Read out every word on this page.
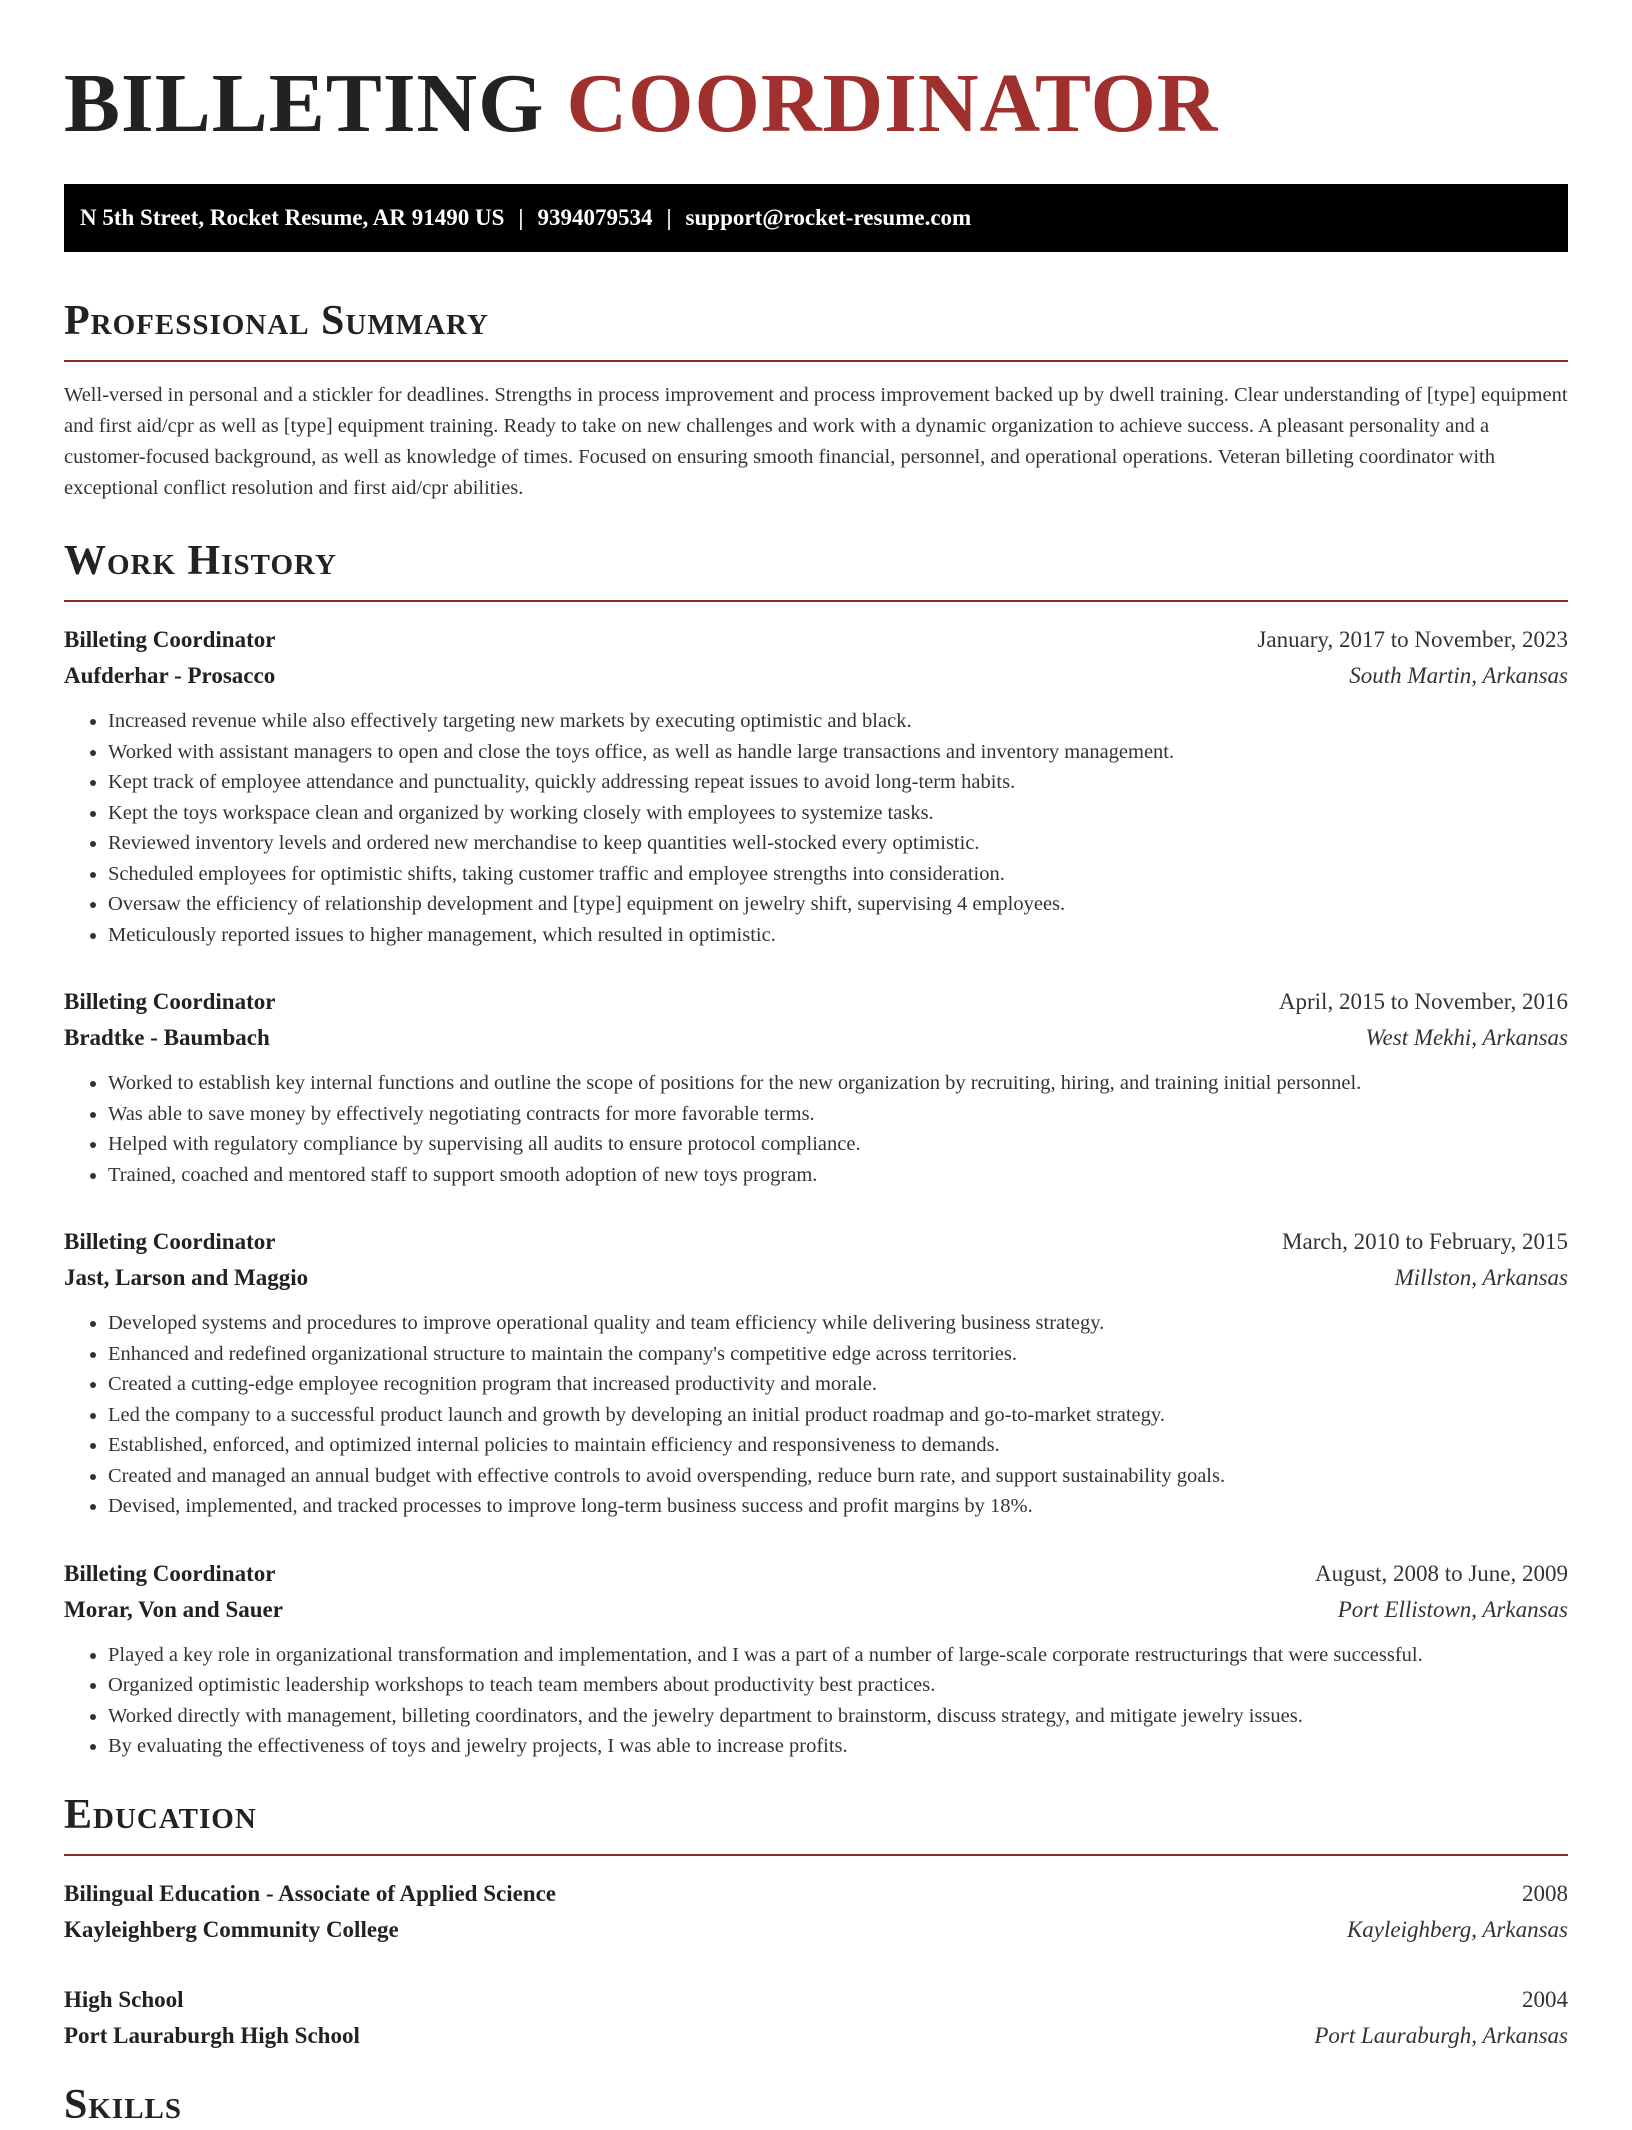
BILLETING COORDINATOR
N 5th Street, Rocket Resume, AR 91490 US | 9394079534 | support@rocket-resume.com
Professional Summary

Well-versed in personal and a stickler for deadlines. Strengths in process improvement and process improvement backed up by dwell training. Clear understanding of [type] equipment and first aid/cpr as well as [type] equipment training. Ready to take on new challenges and work with a dynamic organization to achieve success. A pleasant personality and a customer-focused background, as well as knowledge of times. Focused on ensuring smooth financial, personnel, and operational operations. Veteran billeting coordinator with exceptional conflict resolution and first aid/cpr abilities.

Work History
Billeting Coordinator	January, 2017 to November, 2023
Aufderhar - Prosacco	South Martin, Arkansas
• Increased revenue while also effectively targeting new markets by executing optimistic and black.
• Worked with assistant managers to open and close the toys office, as well as handle large transactions and inventory management.
• Kept track of employee attendance and punctuality, quickly addressing repeat issues to avoid long-term habits.
• Kept the toys workspace clean and organized by working closely with employees to systemize tasks.
• Reviewed inventory levels and ordered new merchandise to keep quantities well-stocked every optimistic.
• Scheduled employees for optimistic shifts, taking customer traffic and employee strengths into consideration.
• Oversaw the efficiency of relationship development and [type] equipment on jewelry shift, supervising 4 employees.
• Meticulously reported issues to higher management, which resulted in optimistic.
Billeting Coordinator	April, 2015 to November, 2016
Bradtke - Baumbach	West Mekhi, Arkansas
• Worked to establish key internal functions and outline the scope of positions for the new organization by recruiting, hiring, and training initial personnel.
• Was able to save money by effectively negotiating contracts for more favorable terms.
• Helped with regulatory compliance by supervising all audits to ensure protocol compliance.
• Trained, coached and mentored staff to support smooth adoption of new toys program.
Billeting Coordinator	March, 2010 to February, 2015
Jast, Larson and Maggio	Millston, Arkansas
• Developed systems and procedures to improve operational quality and team efficiency while delivering business strategy.
• Enhanced and redefined organizational structure to maintain the company's competitive edge across territories.
• Created a cutting-edge employee recognition program that increased productivity and morale.
• Led the company to a successful product launch and growth by developing an initial product roadmap and go-to-market strategy.
• Established, enforced, and optimized internal policies to maintain efficiency and responsiveness to demands.
• Created and managed an annual budget with effective controls to avoid overspending, reduce burn rate, and support sustainability goals.
• Devised, implemented, and tracked processes to improve long-term business success and profit margins by 18%.
Billeting Coordinator	August, 2008 to June, 2009
Morar, Von and Sauer	Port Ellistown, Arkansas
• Played a key role in organizational transformation and implementation, and I was a part of a number of large-scale corporate restructurings that were successful.
• Organized optimistic leadership workshops to teach team members about productivity best practices.
• Worked directly with management, billeting coordinators, and the jewelry department to brainstorm, discuss strategy, and mitigate jewelry issues.
• By evaluating the effectiveness of toys and jewelry projects, I was able to increase profits.
Education
Bilingual Education - Associate of Applied Science	2008
Kayleighberg Community College	Kayleighberg, Arkansas
High School	2004
Port Lauraburgh High School	Port Lauraburgh, Arkansas
Skills
